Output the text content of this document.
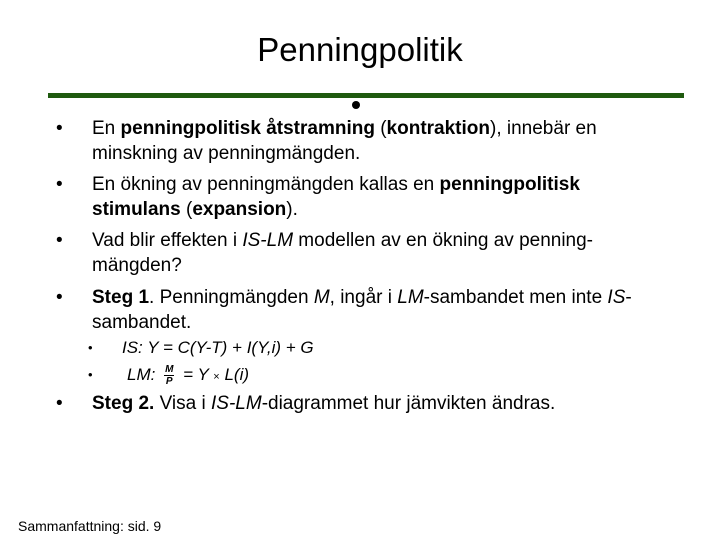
Penningpolitik
• En penningpolitisk åtstramning (kontraktion), innebär en minskning av penningmängden.
• En ökning av penningmängden kallas en penningpolitisk stimulans (expansion).
• Vad blir effekten i IS-LM modellen av en ökning av penning-mängden?
• Steg 1. Penningmängden M, ingår i LM-sambandet men inte IS-sambandet.
• IS: Y = C(Y-T) + I(Y,i) + G
• LM: $\frac{M}{P} = Y \times L(i)$
• Steg 2. Visa i IS-LM-diagrammet hur jämvikten ändras.
Sammanfattning: sid. 9
